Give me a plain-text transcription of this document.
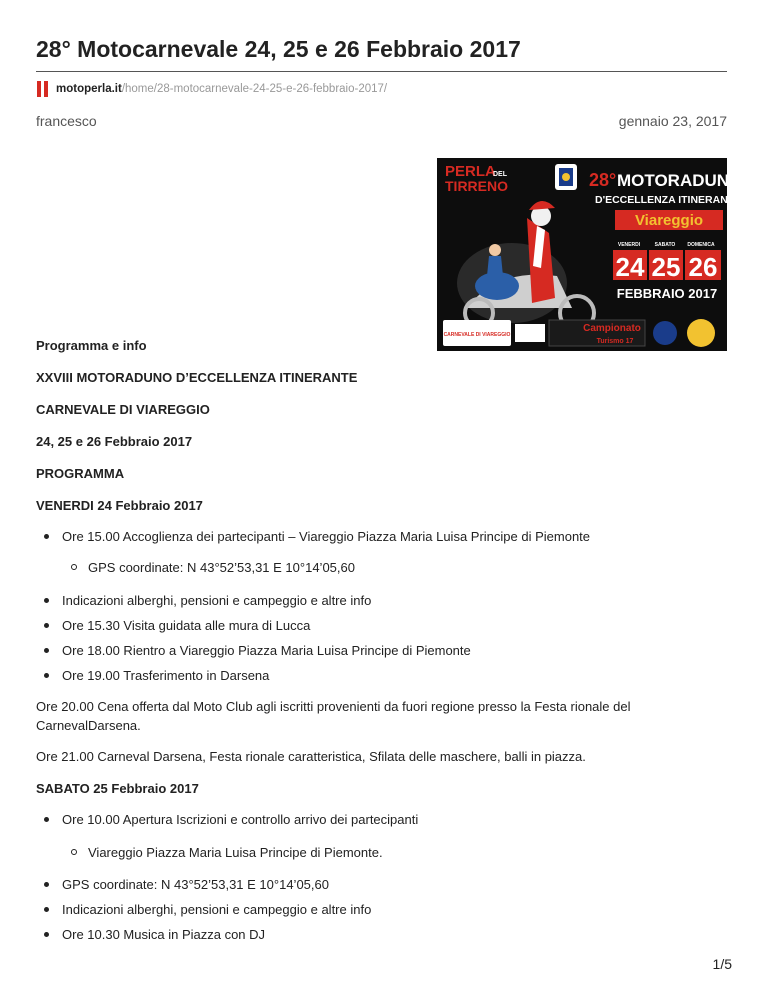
28° Motocarnevale 24, 25 e 26 Febbraio 2017
motoperla.it /home/28-motocarnevale-24-25-e-26-febbraio-2017/
francesco	gennaio 23, 2017
PERLA
DEL
TIRRENO	28° MOTORADUNO
D'ECCELLENZA ITINERANTE
Viareggio
VENERDI	SABATO DOMENICA
24 25 26
FEBBRAIO 2017
CARNEVALE DI VIAREGGIO
Campionato
Turismo 17
Programma e info
XXVIII MOTORADUNO D’ECCELLENZA ITINERANTE
CARNEVALE DI VIAREGGIO
24, 25 e 26 Febbraio 2017
PROGRAMMA
VENERDI 24 Febbraio 2017
Ore 15.00 Accoglienza dei partecipanti – Viareggio Piazza Maria Luisa Principe di Piemonte
GPS coordinate: N 43°52’53,31 E 10°14’05,60
Indicazioni alberghi, pensioni e campeggio e altre info
Ore 15.30 Visita guidata alle mura di Lucca
Ore 18.00 Rientro a Viareggio Piazza Maria Luisa Principe di Piemonte
Ore 19.00 Trasferimento in Darsena
Ore 20.00 Cena offerta dal Moto Club agli iscritti provenienti da fuori regione presso la Festa rionale del CarnevalDarsena.
Ore 21.00 Carneval Darsena, Festa rionale caratteristica, Sfilata delle maschere, balli in piazza.
SABATO 25 Febbraio 2017
Ore 10.00 Apertura Iscrizioni e controllo arrivo dei partecipanti
Viareggio Piazza Maria Luisa Principe di Piemonte.
GPS coordinate: N 43°52’53,31 E 10°14’05,60
Indicazioni alberghi, pensioni e campeggio e altre info
Ore 10.30 Musica in Piazza con DJ
1/5
